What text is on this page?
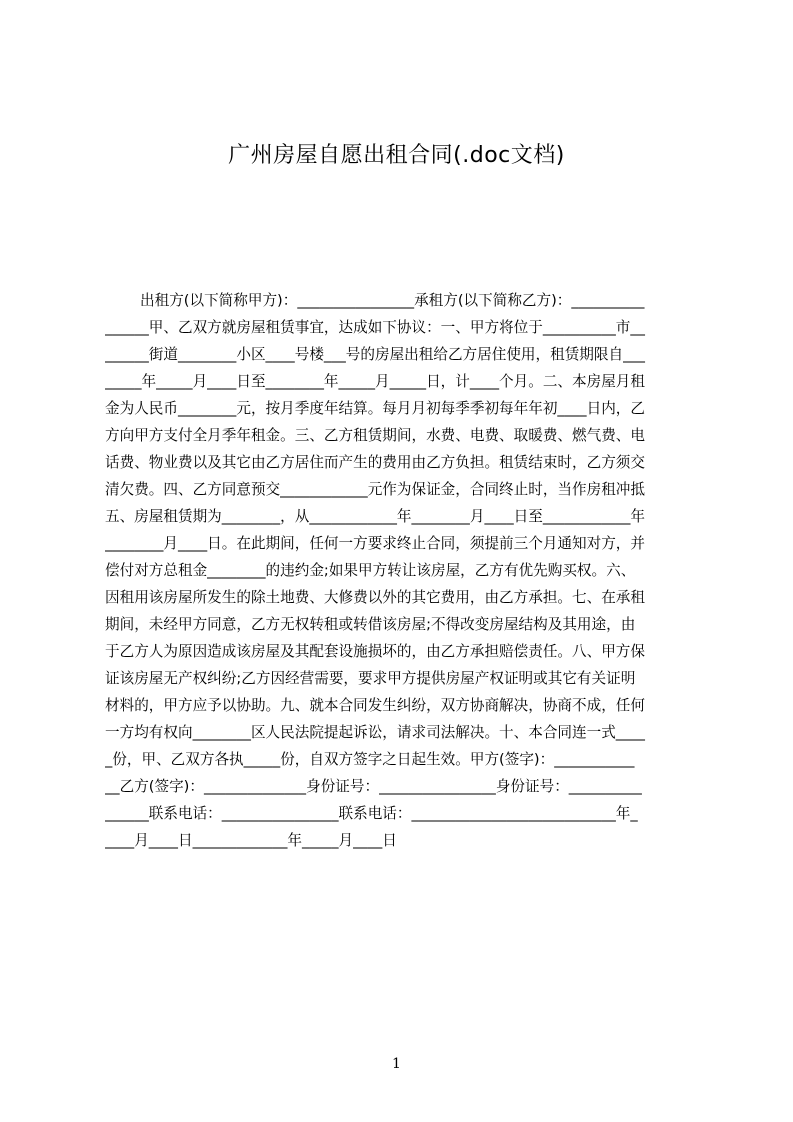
广州房屋自愿出租合同(.doc文档)
出租方(以下简称甲方)：________________承租方(以下简称乙方)：__________
______甲、乙双方就房屋租赁事宜，达成如下协议：一、甲方将位于__________市__
______街道________小区____号楼___号的房屋出租给乙方居住使用，租赁期限自___
_____年_____月____日至________年_____月_____日，计____个月。二、本房屋月租
金为人民币________元，按月季度年结算。每月月初每季季初每年年初____日内，乙
方向甲方支付全月季年租金。三、乙方租赁期间，水费、电费、取暖费、燃气费、电
话费、物业费以及其它由乙方居住而产生的费用由乙方负担。租赁结束时，乙方须交
清欠费。四、乙方同意预交____________元作为保证金，合同终止时，当作房租冲抵
五、房屋租赁期为________，从____________年________月____日至____________年
________月____日。在此期间，任何一方要求终止合同，须提前三个月通知对方，并
偿付对方总租金________的违约金;如果甲方转让该房屋，乙方有优先购买权。六、
因租用该房屋所发生的除土地费、大修费以外的其它费用，由乙方承担。七、在承租
期间，未经甲方同意，乙方无权转租或转借该房屋;不得改变房屋结构及其用途，由
于乙方人为原因造成该房屋及其配套设施损坏的，由乙方承担赔偿责任。八、甲方保
证该房屋无产权纠纷;乙方因经营需要，要求甲方提供房屋产权证明或其它有关证明
材料的，甲方应予以协助。九、就本合同发生纠纷，双方协商解决，协商不成，任何
一方均有权向________区人民法院提起诉讼，请求司法解决。十、本合同连一式____
_份，甲、乙双方各执_____份，自双方签字之日起生效。甲方(签字)：___________
__乙方(签字)：______________身份证号：________________身份证号：__________
______联系电话：________________联系电话：____________________________年_
____月____日_____________年_____月____日
1
